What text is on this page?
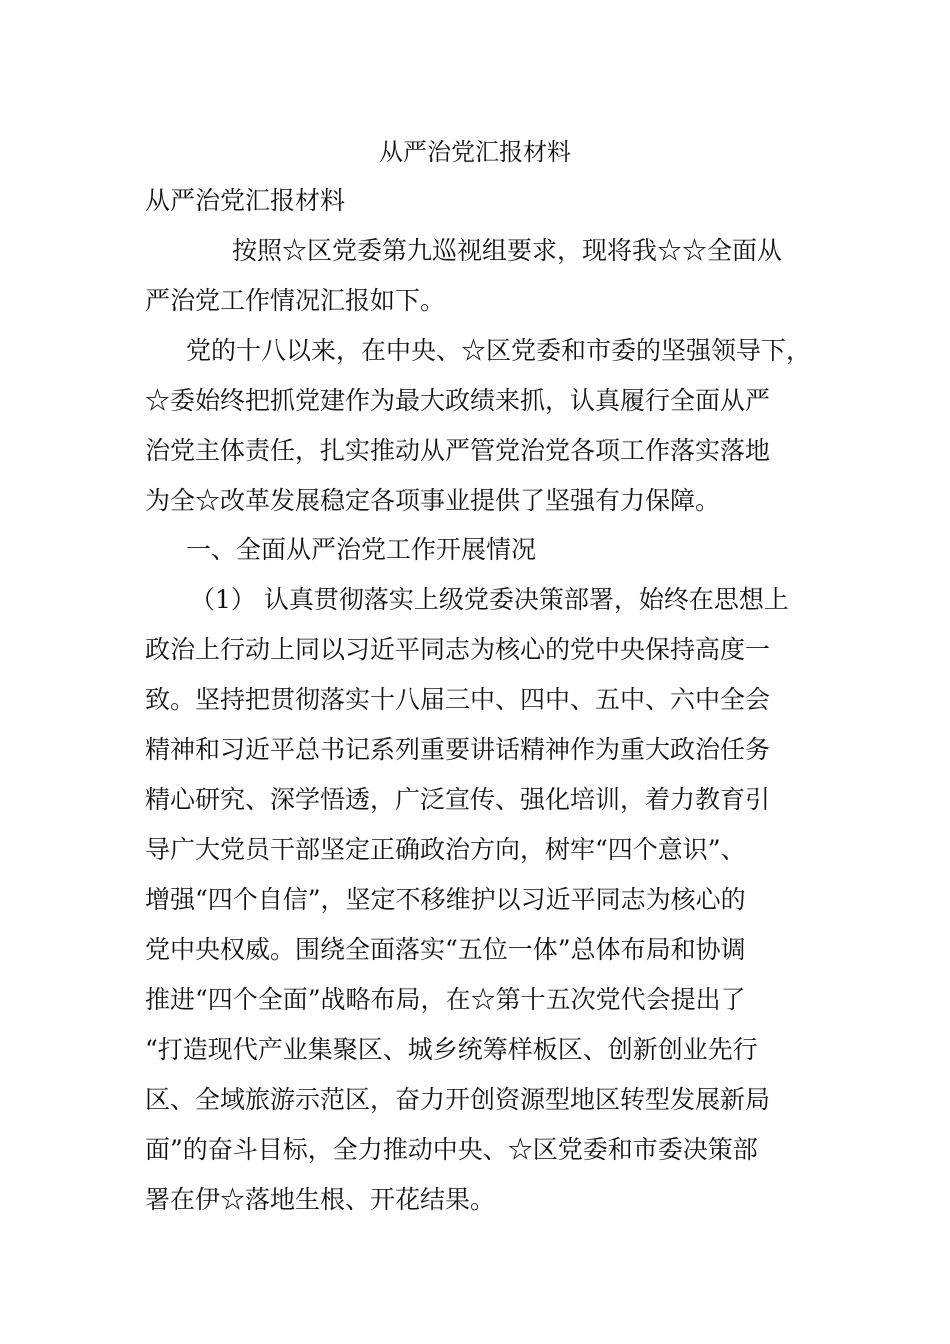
从严治党汇报材料
从严治党汇报材料
按照☆区党委第九巡视组要求，现将我☆☆全面从
严治党工作情况汇报如下。
党的十八以来，在中央、☆区党委和市委的坚强领导下，
☆委始终把抓党建作为最大政绩来抓，认真履行全面从严
治党主体责任，扎实推动从严管党治党各项工作落实落地
为全☆改革发展稳定各项事业提供了坚强有力保障。
一、全面从严治党工作开展情况
（1） 认真贯彻落实上级党委决策部署，始终在思想上
政治上行动上同以习近平同志为核心的党中央保持高度一
致。坚持把贯彻落实十八届三中、四中、五中、六中全会
精神和习近平总书记系列重要讲话精神作为重大政治任务
精心研究、深学悟透，广泛宣传、强化培训，着力教育引
导广大党员干部坚定正确政治方向，树牢“四个意识”、
增强“四个自信”，坚定不移维护以习近平同志为核心的
党中央权威。围绕全面落实“五位一体”总体布局和协调
推进“四个全面”战略布局，在☆第十五次党代会提出了
“打造现代产业集聚区、城乡统筹样板区、创新创业先行
区、全域旅游示范区，奋力开创资源型地区转型发展新局
面”的奋斗目标，全力推动中央、☆区党委和市委决策部
署在伊☆落地生根、开花结果。
